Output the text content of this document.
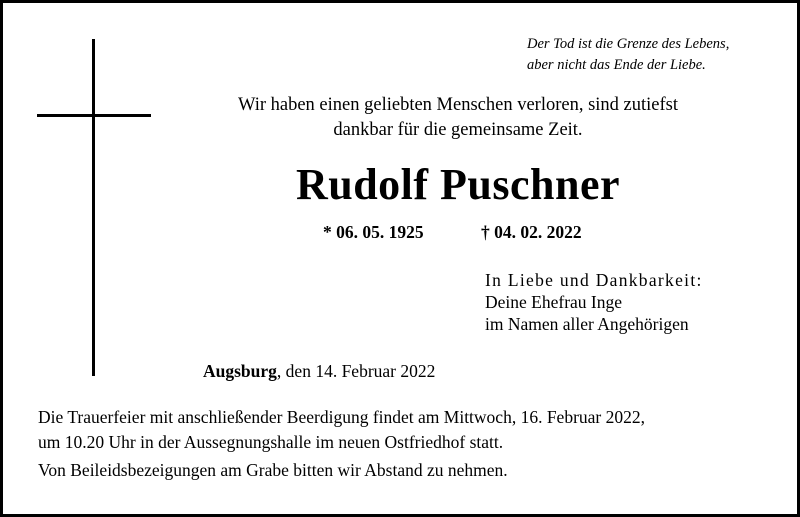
Der Tod ist die Grenze des Lebens,
aber nicht das Ende der Liebe.
Wir haben einen geliebten Menschen verloren, sind zutiefst
dankbar für die gemeinsame Zeit.
Rudolf Puschner
* 06. 05. 1925	† 04. 02. 2022
In Liebe und Dankbarkeit:
Deine Ehefrau Inge
im Namen aller Angehörigen
Augsburg, den 14. Februar 2022
Die Trauerfeier mit anschließender Beerdigung findet am Mittwoch, 16. Februar 2022,
um 10.20 Uhr in der Aussegnungshalle im neuen Ostfriedhof statt.
Von Beileidsbezeigungen am Grabe bitten wir Abstand zu nehmen.
